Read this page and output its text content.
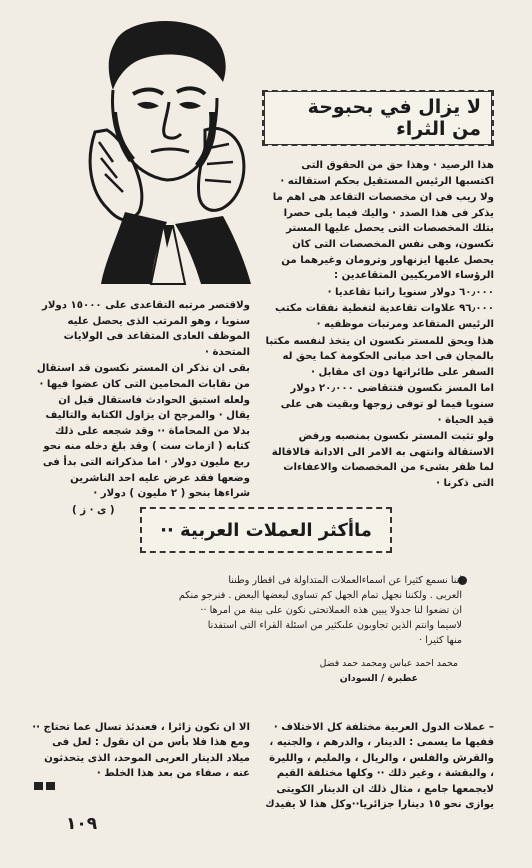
لا يزال في بحبوحة من الثراء

هذا الرصيد · وهذا حق من الحقوق التى اكتسبها الرئيس المستقيل بحكم استقالته ·

ولا ريب فى ان مخصصات التقاعد هى اهم ما يذكر فى هذا الصدد · واليك فيما يلى حصرا بتلك المخصصات التى يحصل عليها المستر نكسون، وهى نفس المخصصات التى كان يحصل عليها ايزنهاور وترومان وغيرهما من الرؤساء الامريكيين المتقاعدين :

٦٠٫٠٠٠ دولار سنويا راتبا تقاعديا ·

٩٦٫٠٠٠ علاوات تقاعدية لتغطية نفقات مكتب الرئيس المتقاعد ومرتبات موظفيه ·

هذا ويحق للمستر نكسون ان يتخذ لنفسه مكتبا بالمجان فى احد مبانى الحكومة كما يحق له السفر على طائراتها دون اى مقابل ·

اما المسز نكسون فتتقاضى ٢٠٫٠٠٠ دولار سنويا فيما لو توفى زوجها وبقيت هى على قيد الحياة ·

ولو تثبت المستر نكسون بمنصبه ورفض الاستقالة وانتهى به الامر الى الادانة فالاقالة لما ظفر بشىء من المخصصات والاعفاءات التى ذكرنا ·

ولاقتصر مرتبه التقاعدى على ١٥٠٠٠ دولار سنويا ، وهو المرتب الذى يحصل عليه الموظف العادى المتقاعد فى الولايات المتحدة ·

بقى ان نذكر ان المستر نكسون قد استقال من نقابات المحامين التى كان عضوا فيها · ولعله استبق الحوادث فاستقال قبل ان يقال · والمرجح ان يزاول الكتابة والتاليف بدلا من المحاماة ·· وقد شجعه على ذلك كتابه ( ازمات ست ) وقد بلغ دخله منه نحو ربع مليون دولار · اما مذكراته التى بدأ فى وضعها فقد عرض عليه احد الناشرين شراءها بنحو ( ٢ مليون ) دولار ·

( ى · ز )

ماأكثر العملات العربية ··

اننا نسمع كثيرا عن اسماءالعملات المتداولة فى اقطار وطننا

العربى . ولكننا نجهل تمام الجهل كم تساوى لبعضها البعض . فنرجو منكم

ان تضعوا لنا جدولا يبين هذه العملاتحتى نكون على بينة من امرها ··

لاسيما وانتم الذين تجاوبون علىكثير من اسئلة القراء التى استفدنا

منها كثيرا ·

محمد احمد عباس ومحمد حمد فضل
عطبرة / السودان

– عملات الدول العربية مختلفة كل الاختلاف ·

ففيها ما يسمى : الدينار ، والدرهم ، والجنيه ، والقرش والفلس ، والريال ، والمليم ، والليرة ، والبقشة ، وغير ذلك ·· وكلها مختلفة القيم لايجمعها جامع ، مثال ذلك ان الدينار الكويتى يوازى نحو ١٥ دينارا جزائريا··وكل هذا لا يفيدك

الا ان تكون زائرا ، فعندئذ تسال عما تحتاج ··

ومع هذا فلا بأس من ان نقول : لعل فى ميلاد الدينار العربى الموحد، الذى يتحدثون عنه ، صفاء من بعد هذا الخلط ·

١٠٩
